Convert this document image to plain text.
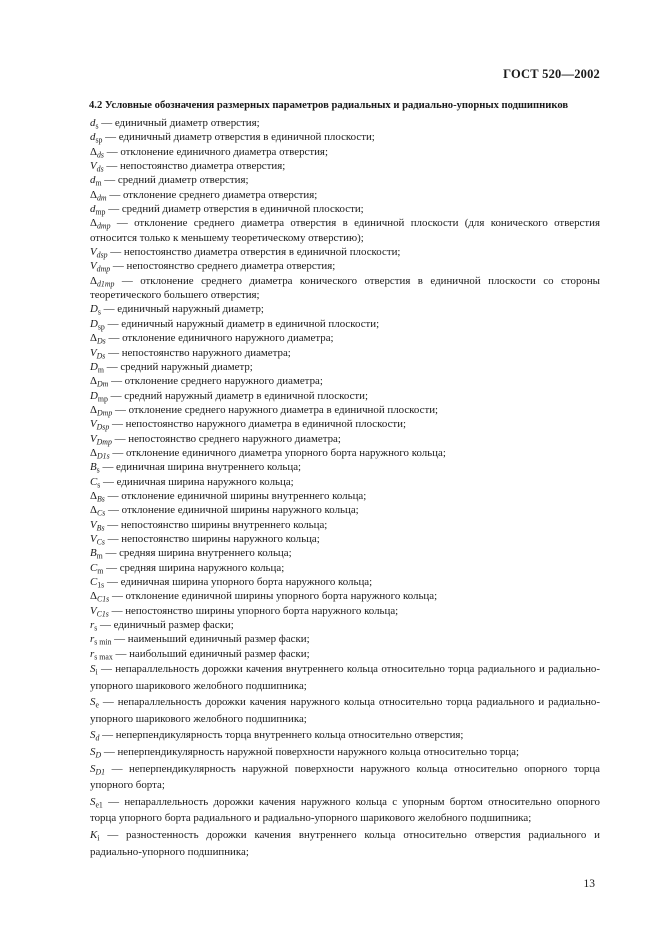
ГОСТ 520—2002
4.2 Условные обозначения размерных параметров радиальных и радиально-упорных подшипников

$d_s$ — единичный диаметр отверстия;

$d_{sp}$ — единичный диаметр отверстия в единичной плоскости;

$\Delta_{ds}$ — отклонение единичного диаметра отверстия;

$V_{ds}$ — непостоянство диаметра отверстия;

$d_m$ — средний диаметр отверстия;

$\Delta_{dm}$ — отклонение среднего диаметра отверстия;

$d_{mp}$ — средний диаметр отверстия в единичной плоскости;

$\Delta_{dmp}$ — отклонение среднего диаметра отверстия в единичной плоскости (для конического отверстия относится только к меньшему теоретическому отверстию);

$V_{dsp}$ — непостоянство диаметра отверстия в единичной плоскости;

$V_{dmp}$ — непостоянство среднего диаметра отверстия;

$\Delta_{d1mp}$ — отклонение среднего диаметра конического отверстия в единичной плоскости со стороны теоретического большего отверстия;

$D_s$ — единичный наружный диаметр;

$D_{sp}$ — единичный наружный диаметр в единичной плоскости;

$\Delta_{Ds}$ — отклонение единичного наружного диаметра;

$V_{Ds}$ — непостоянство наружного диаметра;

$D_m$ — средний наружный диаметр;

$\Delta_{Dm}$ — отклонение среднего наружного диаметра;

$D_{mp}$ — средний наружный диаметр в единичной плоскости;

$\Delta_{Dmp}$ — отклонение среднего наружного диаметра в единичной плоскости;

$V_{Dsp}$ — непостоянство наружного диаметра в единичной плоскости;

$V_{Dmp}$ — непостоянство среднего наружного диаметра;

$\Delta_{D1s}$ — отклонение единичного диаметра упорного борта наружного кольца;

$B_s$ — единичная ширина внутреннего кольца;

$C_s$ — единичная ширина наружного кольца;

$\Delta_{Bs}$ — отклонение единичной ширины внутреннего кольца;

$\Delta_{Cs}$ — отклонение единичной ширины наружного кольца;

$V_{Bs}$ — непостоянство ширины внутреннего кольца;

$V_{Cs}$ — непостоянство ширины наружного кольца;

$B_m$ — средняя ширина внутреннего кольца;

$C_m$ — средняя ширина наружного кольца;

$C_{1s}$ — единичная ширина упорного борта наружного кольца;

$\Delta_{C1s}$ — отклонение единичной ширины упорного борта наружного кольца;

$V_{C1s}$ — непостоянство ширины упорного борта наружного кольца;

$r_s$ — единичный размер фаски;

$r_{s min}$ — наименьший единичный размер фаски;

$r_{s max}$ — наибольший единичный размер фаски;

$S_i$ — непараллельность дорожки качения внутреннего кольца относительно торца радиального и радиально-упорного шарикового желобного подшипника;

$S_e$ — непараллельность дорожки качения наружного кольца относительно торца радиального и радиально-упорного шарикового желобного подшипника;

$S_d$ — неперпендикулярность торца внутреннего кольца относительно отверстия;

$S_D$ — неперпендикулярность наружной поверхности наружного кольца относительно торца;

$S_{D1}$ — неперпендикулярность наружной поверхности наружного кольца относительно опорного торца упорного борта;

$S_{e1}$ — непараллельность дорожки качения наружного кольца с упорным бортом относительно опорного торца упорного борта радиального и радиально-упорного шарикового желобного подшипника;

$K_i$ — разностенность дорожки качения внутреннего кольца относительно отверстия радиального и радиально-упорного подшипника;

13
